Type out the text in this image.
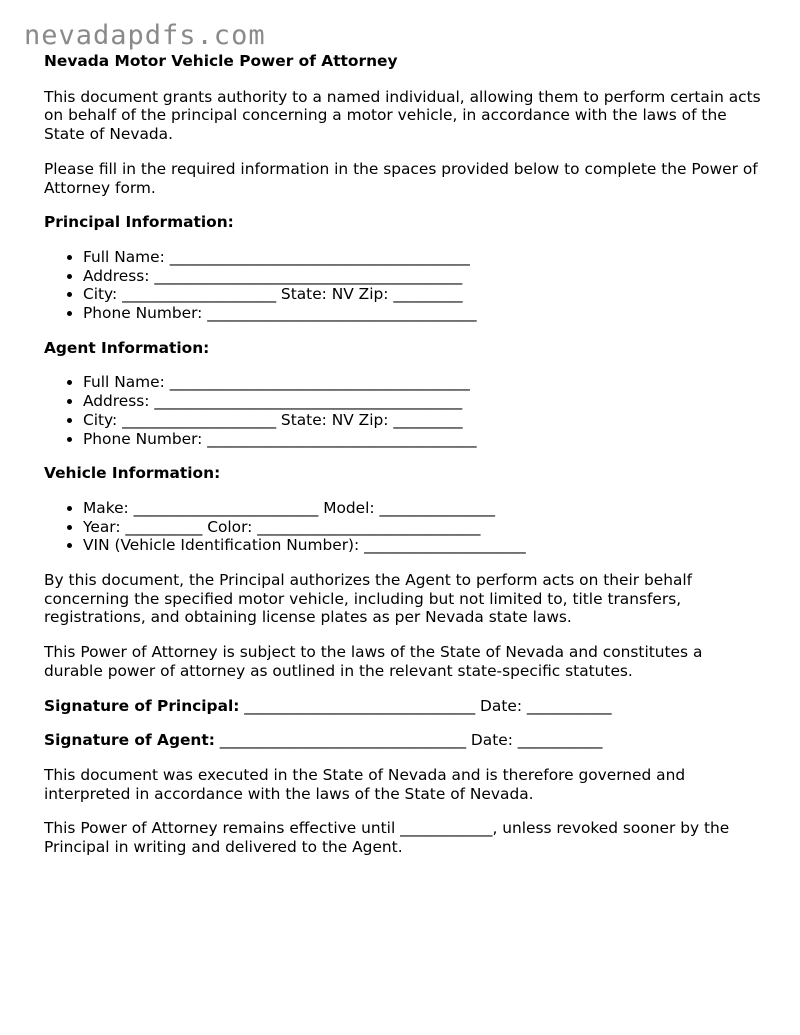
nevadapdfs.com
Nevada Motor Vehicle Power of Attorney

This document grants authority to a named individual, allowing them to perform certain acts on behalf of the principal concerning a motor vehicle, in accordance with the laws of the State of Nevada.

Please fill in the required information in the spaces provided below to complete the Power of Attorney form.

Principal Information:
• Full Name: _______________________________________
• Address: ________________________________________
• City: ____________________ State: NV Zip: _________
• Phone Number: ___________________________________
Agent Information:
• Full Name: _______________________________________
• Address: ________________________________________
• City: ____________________ State: NV Zip: _________
• Phone Number: ___________________________________
Vehicle Information:
• Make: ________________________ Model: _______________
• Year: __________ Color: _____________________________
• VIN (Vehicle Identification Number): _____________________

By this document, the Principal authorizes the Agent to perform acts on their behalf concerning the specified motor vehicle, including but not limited to, title transfers, registrations, and obtaining license plates as per Nevada state laws.

This Power of Attorney is subject to the laws of the State of Nevada and constitutes a durable power of attorney as outlined in the relevant state-specific statutes.

Signature of Principal: ______________________________ Date: ___________
Signature of Agent: ________________________________ Date: ___________

This document was executed in the State of Nevada and is therefore governed and interpreted in accordance with the laws of the State of Nevada.

This Power of Attorney remains effective until ____________, unless revoked sooner by the Principal in writing and delivered to the Agent.
